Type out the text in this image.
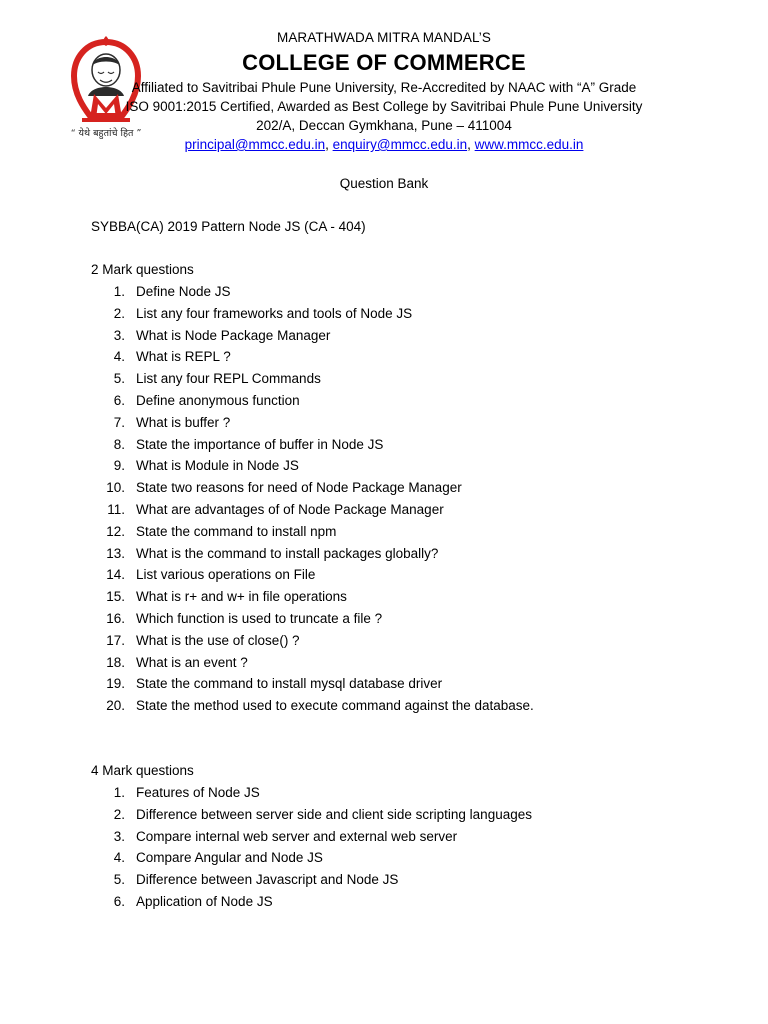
“ येथे बहुतांचे हित ”
MARATHWADA MITRA MANDAL’S
COLLEGE OF COMMERCE
Affiliated to Savitribai Phule Pune University, Re-Accredited by NAAC with “A” Grade
ISO 9001:2015 Certified, Awarded as Best College by Savitribai Phule Pune University
202/A, Deccan Gymkhana, Pune – 411004
principal@mmcc.edu.in, enquiry@mmcc.edu.in, www.mmcc.edu.in
Question Bank
SYBBA(CA) 2019 Pattern Node JS (CA - 404)
2 Mark questions
1. Define Node JS
2. List any four frameworks and tools of Node JS
3. What is Node Package Manager
4. What is REPL ?
5. List any four REPL Commands
6. Define anonymous function
7. What is buffer ?
8. State the importance of buffer in Node JS
9. What is Module in Node JS
10. State two reasons for need of Node Package Manager
11. What are advantages of of Node Package Manager
12. State the command to install npm
13. What is the command to install packages globally?
14. List various operations on File
15. What is r+ and w+ in file operations
16. Which function is used to truncate a file ?
17. What is the use of close() ?
18. What is an event ?
19. State the command to install mysql database driver
20. State the method used to execute command against the database.
4 Mark questions
1. Features of Node JS
2. Difference between server side and client side scripting languages
3. Compare internal web server and external web server
4. Compare Angular and Node JS
5. Difference between Javascript and Node JS
6. Application of Node JS
